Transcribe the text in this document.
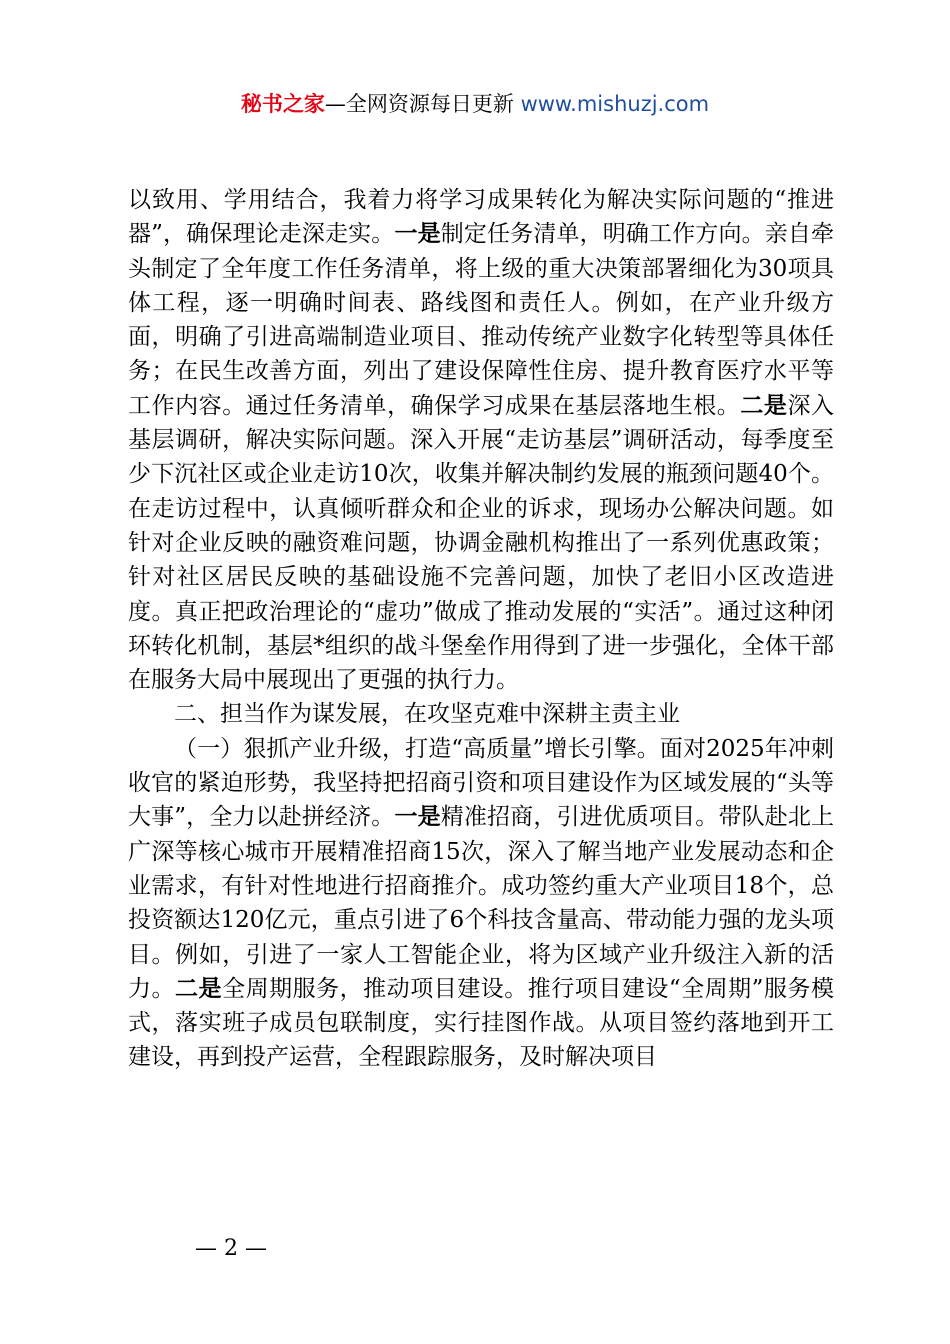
秘书之家—全网资源每日更新 www.mishuzj.com

以致用、学用结合，我着力将学习成果转化为解决实际问题的“推进器”，确保理论走深走实。一是制定任务清单，明确工作方向。亲自牵头制定了全年度工作任务清单，将上级的重大决策部署细化为30项具体工程，逐一明确时间表、路线图和责任人。例如，在产业升级方面，明确了引进高端制造业项目、推动传统产业数字化转型等具体任务；在民生改善方面，列出了建设保障性住房、提升教育医疗水平等工作内容。通过任务清单，确保学习成果在基层落地生根。二是深入基层调研，解决实际问题。深入开展“走访基层”调研活动，每季度至少下沉社区或企业走访10次，收集并解决制约发展的瓶颈问题40个。在走访过程中，认真倾听群众和企业的诉求，现场办公解决问题。如针对企业反映的融资难问题，协调金融机构推出了一系列优惠政策；针对社区居民反映的基础设施不完善问题，加快了老旧小区改造进度。真正把政治理论的“虚功”做成了推动发展的“实活”。通过这种闭环转化机制，基层*组织的战斗堡垒作用得到了进一步强化，全体干部在服务大局中展现出了更强的执行力。

二、担当作为谋发展，在攻坚克难中深耕主责主业

（一）狠抓产业升级，打造“高质量”增长引擎。面对2025年冲刺收官的紧迫形势，我坚持把招商引资和项目建设作为区域发展的“头等大事”，全力以赴拼经济。一是精准招商，引进优质项目。带队赴北上广深等核心城市开展精准招商15次，深入了解当地产业发展动态和企业需求，有针对性地进行招商推介。成功签约重大产业项目18个，总投资额达120亿元，重点引进了6个科技含量高、带动能力强的龙头项目。例如，引进了一家人工智能企业，将为区域产业升级注入新的活力。二是全周期服务，推动项目建设。推行项目建设“全周期”服务模式，落实班子成员包联制度，实行挂图作战。从项目签约落地到开工建设，再到投产运营，全程跟踪服务，及时解决项目

— 2 —
